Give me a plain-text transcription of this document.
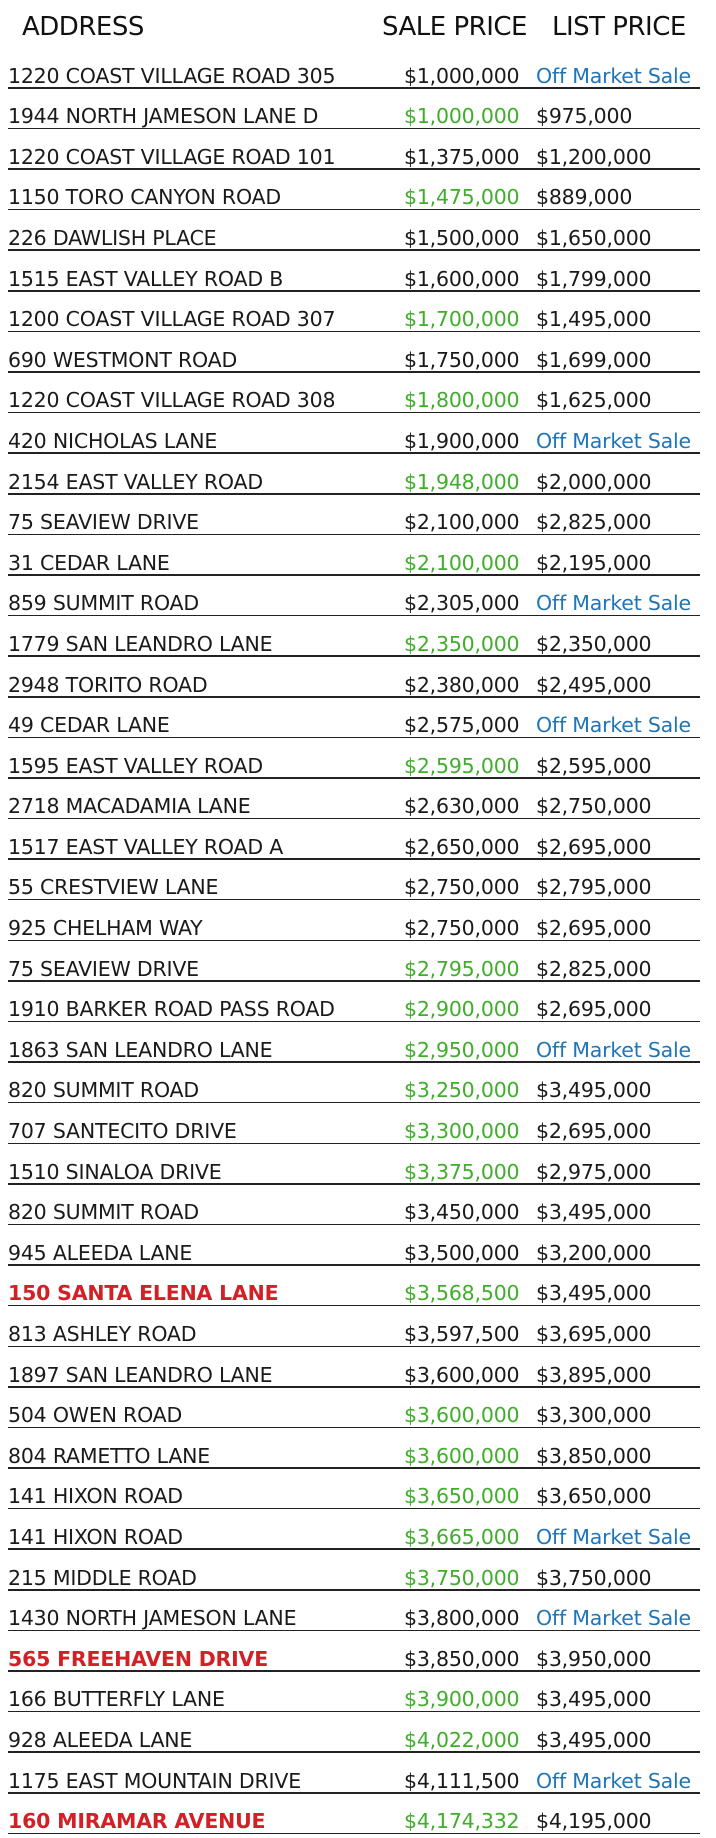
ADDRESS	SALE PRICE LIST PRICE
1220 COAST VILLAGE ROAD 305	$1,000,000 Off Market Sale
1944 NORTH JAMESON LANE D	$1,000,000 $975,000
1220 COAST VILLAGE ROAD 101	$1,375,000 $1,200,000
1150 TORO CANYON ROAD	$1,475,000 $889,000
226 DAWLISH PLACE	$1,500,000 $1,650,000
1515 EAST VALLEY ROAD B	$1,600,000 $1,799,000
1200 COAST VILLAGE ROAD 307	$1,700,000 $1,495,000
690 WESTMONT ROAD	$1,750,000 $1,699,000
1220 COAST VILLAGE ROAD 308	$1,800,000 $1,625,000
420 NICHOLAS LANE	$1,900,000 Off Market Sale
2154 EAST VALLEY ROAD	$1,948,000 $2,000,000
75 SEAVIEW DRIVE	$2,100,000 $2,825,000
31 CEDAR LANE	$2,100,000 $2,195,000
859 SUMMIT ROAD	$2,305,000 Off Market Sale
1779 SAN LEANDRO LANE	$2,350,000 $2,350,000
2948 TORITO ROAD	$2,380,000 $2,495,000
49 CEDAR LANE	$2,575,000 Off Market Sale
1595 EAST VALLEY ROAD	$2,595,000 $2,595,000
2718 MACADAMIA LANE	$2,630,000 $2,750,000
1517 EAST VALLEY ROAD A	$2,650,000 $2,695,000
55 CRESTVIEW LANE	$2,750,000 $2,795,000
925 CHELHAM WAY	$2,750,000 $2,695,000
75 SEAVIEW DRIVE	$2,795,000 $2,825,000
1910 BARKER ROAD PASS ROAD	$2,900,000 $2,695,000
1863 SAN LEANDRO LANE	$2,950,000 Off Market Sale
820 SUMMIT ROAD	$3,250,000 $3,495,000
707 SANTECITO DRIVE	$3,300,000 $2,695,000
1510 SINALOA DRIVE	$3,375,000 $2,975,000
820 SUMMIT ROAD	$3,450,000 $3,495,000
945 ALEEDA LANE	$3,500,000 $3,200,000
150 SANTA ELENA LANE	$3,568,500 $3,495,000
813 ASHLEY ROAD	$3,597,500 $3,695,000
1897 SAN LEANDRO LANE	$3,600,000 $3,895,000
504 OWEN ROAD	$3,600,000 $3,300,000
804 RAMETTO LANE	$3,600,000 $3,850,000
141 HIXON ROAD	$3,650,000 $3,650,000
141 HIXON ROAD	$3,665,000 Off Market Sale
215 MIDDLE ROAD	$3,750,000 $3,750,000
1430 NORTH JAMESON LANE	$3,800,000 Off Market Sale
565 FREEHAVEN DRIVE	$3,850,000 $3,950,000
166 BUTTERFLY LANE	$3,900,000 $3,495,000
928 ALEEDA LANE	$4,022,000 $3,495,000
1175 EAST MOUNTAIN DRIVE	$4,111,500 Off Market Sale
160 MIRAMAR AVENUE	$4,174,332 $4,195,000
